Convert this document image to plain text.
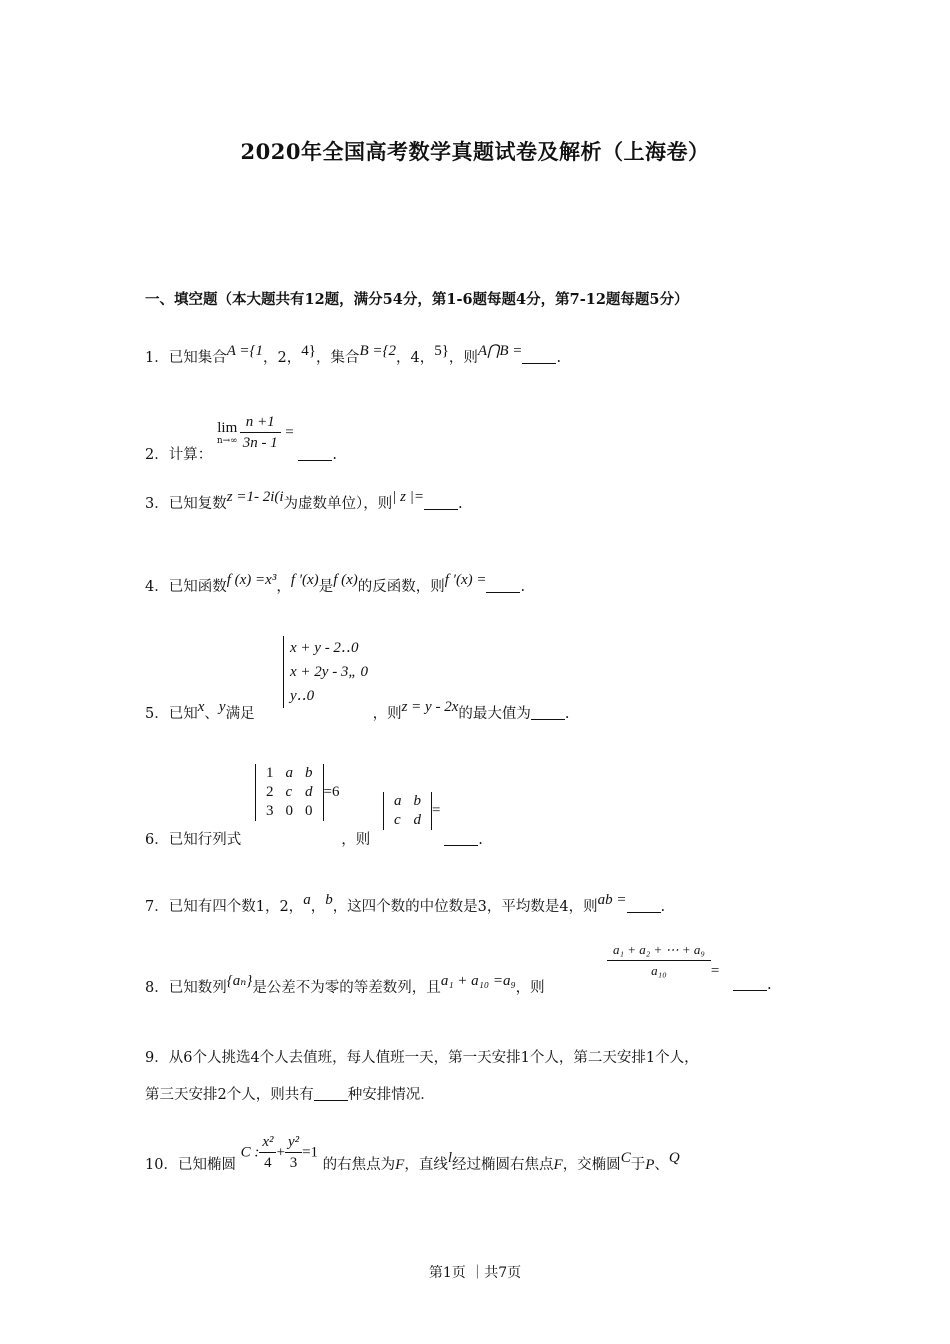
2020年全国高考数学真题试卷及解析（上海卷）
一、填空题（本大题共有12题，满分54分，第1-6题每题4分，第7-12题每题5分）
1．已知集合A ={1，2，4}，集合B ={2，4，5}，则A⋂B = .
2．计算：
lim
$n\to\infty \frac{n +1}{3n - 1}$ = .
3．已知复数z =1- 2i(i为虚数单位），则| z |= .
4．已知函数f (x) =x³，f ′(x)是f (x)的反函数，则f ′(x) = .
x + y - 2‥0
x + 2y - 3„ 0
y‥0
5．已知x、y满足	，则z = y - 2x的最大值为 .
1	a	b
2	c	d
3	0	0
=6
a	b
c	d
=
6．已知行列式	，则	.
7．已知有四个数1，2，a，b，这四个数的中位数是3，平均数是4，则ab = .
$\frac{\text{a₁ + a₂ + ⋯ + a₉}}{\text{a₁₀}}$ =
8．已知数列{aₙ}是公差不为零的等差数列，且a₁ + a₁₀ =a₉，则	.
9．从6个人挑选4个人去值班，每人值班一天，第一天安排1个人，第二天安排1个人，
第三天安排2个人，则共有 种安排情况．
10．已知椭圆 C : $\frac{\text{x²}}{4} + \frac{\text{y²}}{3} =1$ 的右焦点为F，直线l经过椭圆右焦点F，交椭圆C于P、Q
第1页 ｜共7页
